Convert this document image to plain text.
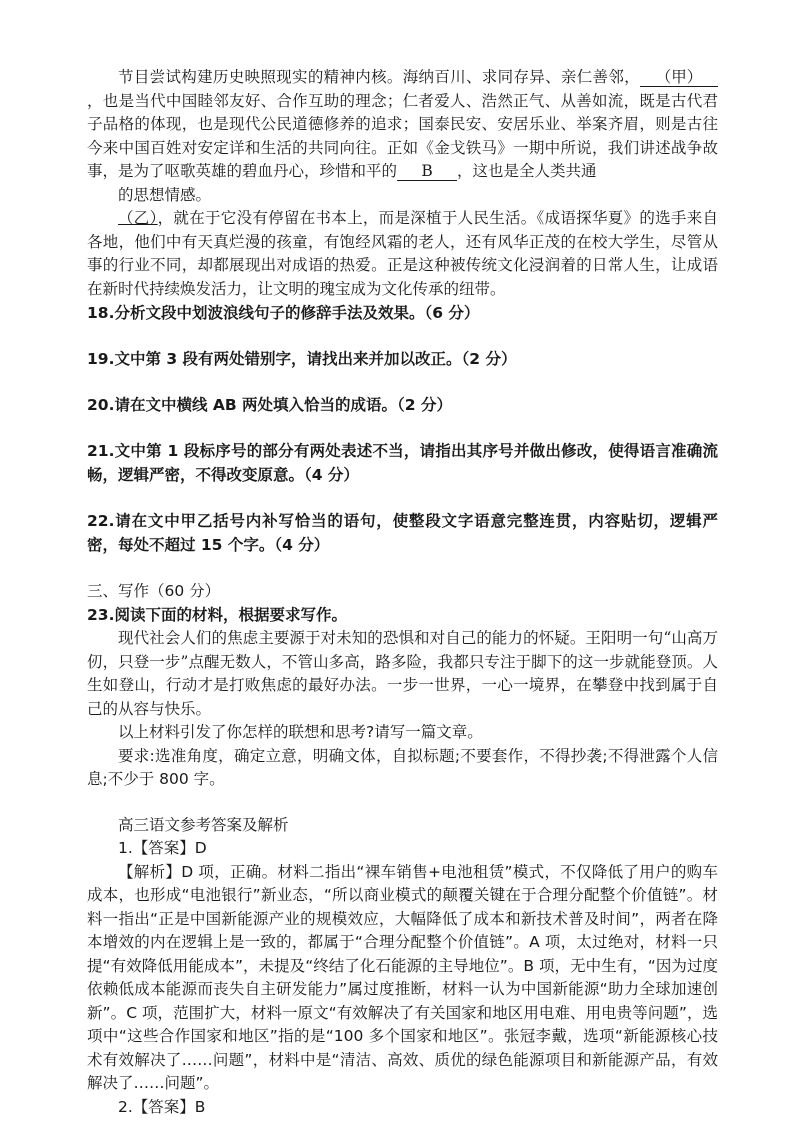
节目尝试构建历史映照现实的精神内核。海纳百川、求同存异、亲仁善邻， （甲），也是当代中国睦邻友好、合作互助的理念；仁者爱人、浩然正气、从善如流，既是古代君子品格的体现，也是现代公民道德修养的追求；国泰民安、安居乐业、举案齐眉，则是古往今来中国百姓对安定详和生活的共同向往。正如《金戈铁马》一期中所说，我们讲述战争故事，是为了呕歌英雄的碧血丹心，珍惜和平的 B ，这也是全人类共通

的思想情感。

（乙），就在于它没有停留在书本上，而是深植于人民生活。《成语探华夏》的选手来自各地，他们中有天真烂漫的孩童，有饱经风霜的老人，还有风华正茂的在校大学生，尽管从事的行业不同，却都展现出对成语的热爱。正是这种被传统文化浸润着的日常人生，让成语在新时代持续焕发活力，让文明的瑰宝成为文化传承的纽带。

18.分析文段中划波浪线句子的修辞手法及效果。（6 分）

19.文中第 3 段有两处错别字，请找出来并加以改正。（2 分）

20.请在文中横线 AB 两处填入恰当的成语。（2 分）

21.文中第 1 段标序号的部分有两处表述不当，请指出其序号并做出修改，使得语言准确流畅，逻辑严密，不得改变原意。（4 分）

22.请在文中甲乙括号内补写恰当的语句，使整段文字语意完整连贯，内容贴切，逻辑严密，每处不超过 15 个字。（4 分）

三、写作（60 分）

23.阅读下面的材料，根据要求写作。

现代社会人们的焦虑主要源于对未知的恐惧和对自己的能力的怀疑。王阳明一句“山高万仞，只登一步”点醒无数人，不管山多高，路多险，我都只专注于脚下的这一步就能登顶。人生如登山，行动才是打败焦虑的最好办法。一步一世界，一心一境界，在攀登中找到属于自己的从容与快乐。

以上材料引发了你怎样的联想和思考?请写一篇文章。

要求:选准角度，确定立意，明确文体，自拟标题;不要套作，不得抄袭;不得泄露个人信息;不少于 800 字。

高三语文参考答案及解析

1.【答案】D

【解析】D 项，正确。材料二指出“裸车销售+电池租赁”模式，不仅降低了用户的购车成本，也形成“电池银行”新业态，“所以商业模式的颠覆关键在于合理分配整个价值链”。材料一指出“正是中国新能源产业的规模效应，大幅降低了成本和新技术普及时间”，两者在降本增效的内在逻辑上是一致的，都属于“合理分配整个价值链”。A 项，太过绝对，材料一只提“有效降低用能成本”，未提及“终结了化石能源的主导地位”。B 项，无中生有，“因为过度依赖低成本能源而丧失自主研发能力”属过度推断，材料一认为中国新能源“助力全球加速创新”。C 项，范围扩大，材料一原文“有效解决了有关国家和地区用电难、用电贵等问题”，选项中“这些合作国家和地区”指的是“100 多个国家和地区”。张冠李戴，选项“新能源核心技术有效解决了……问题”，材料中是“清洁、高效、质优的绿色能源项目和新能源产品，有效解决了……问题”。

2.【答案】B
